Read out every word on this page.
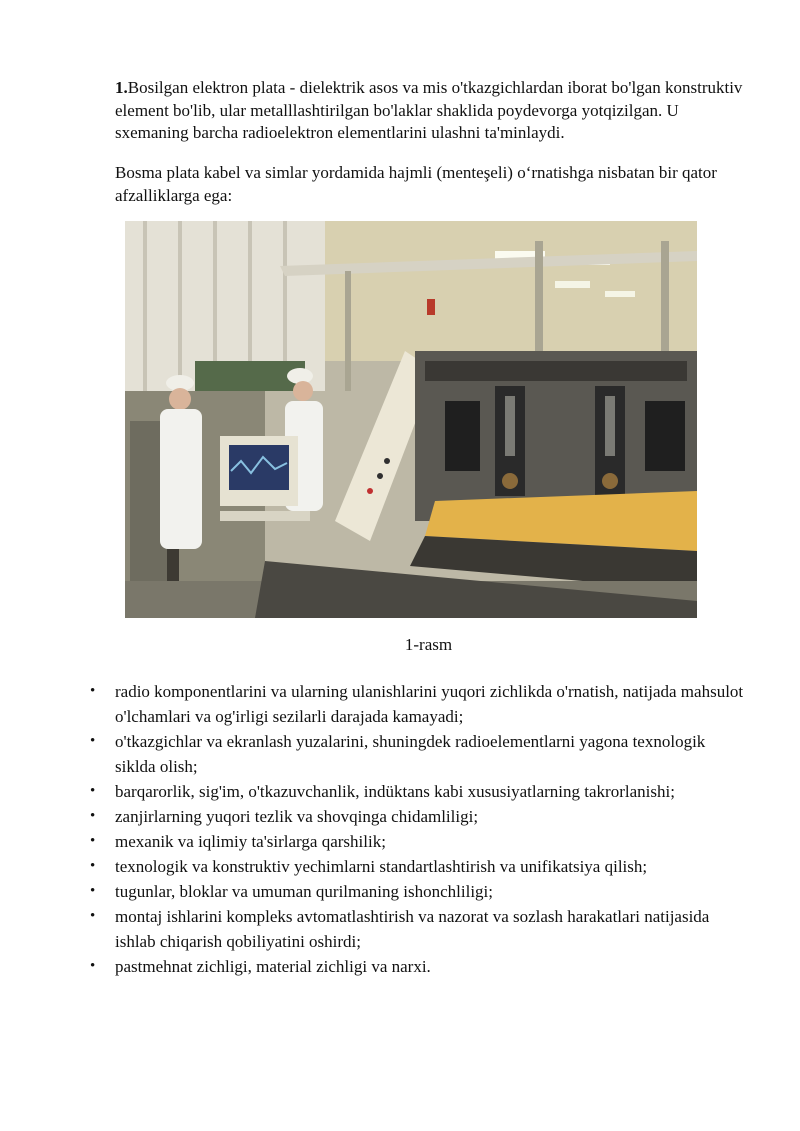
1.Bosilgan elektron plata - dielektrik asos va mis o'tkazgichlardan iborat bo'lgan konstruktiv element bo'lib, ular metalllashtirilgan bo'laklar shaklida poydevorga yotqizilgan. U sxemaning barcha radioelektron elementlarini ulashni ta'minlaydi.

Bosma plata kabel va simlar yordamida hajmli (menteşeli) o‘rnatishga nisbatan bir qator afzalliklarga ega:

1-rasm

• radio komponentlarini va ularning ulanishlarini yuqori zichlikda o'rnatish, natijada mahsulot o'lchamlari va og'irligi sezilarli darajada kamayadi;
• o'tkazgichlar va ekranlash yuzalarini, shuningdek radioelementlarni yagona texnologik sikldа olish;
• barqarorlik, sig'im, o'tkazuvchanlik, indüktans kabi xususiyatlarning takrorlanishi;
• zanjirlarning yuqori tezlik va shovqinga chidamliligi;
• mexanik va iqlimiy ta'sirlarga qarshilik;
• texnologik va konstruktiv yechimlarni standartlashtirish va unifikatsiya qilish;
• tugunlar, bloklar va umuman qurilmaning ishonchliligi;
• montaj ishlarini kompleks avtomatlashtirish va nazorat va sozlash harakatlari natijasida ishlab chiqarish qobiliyatini oshirdi;
• pastmehnat zichligi, material zichligi va narxi.
